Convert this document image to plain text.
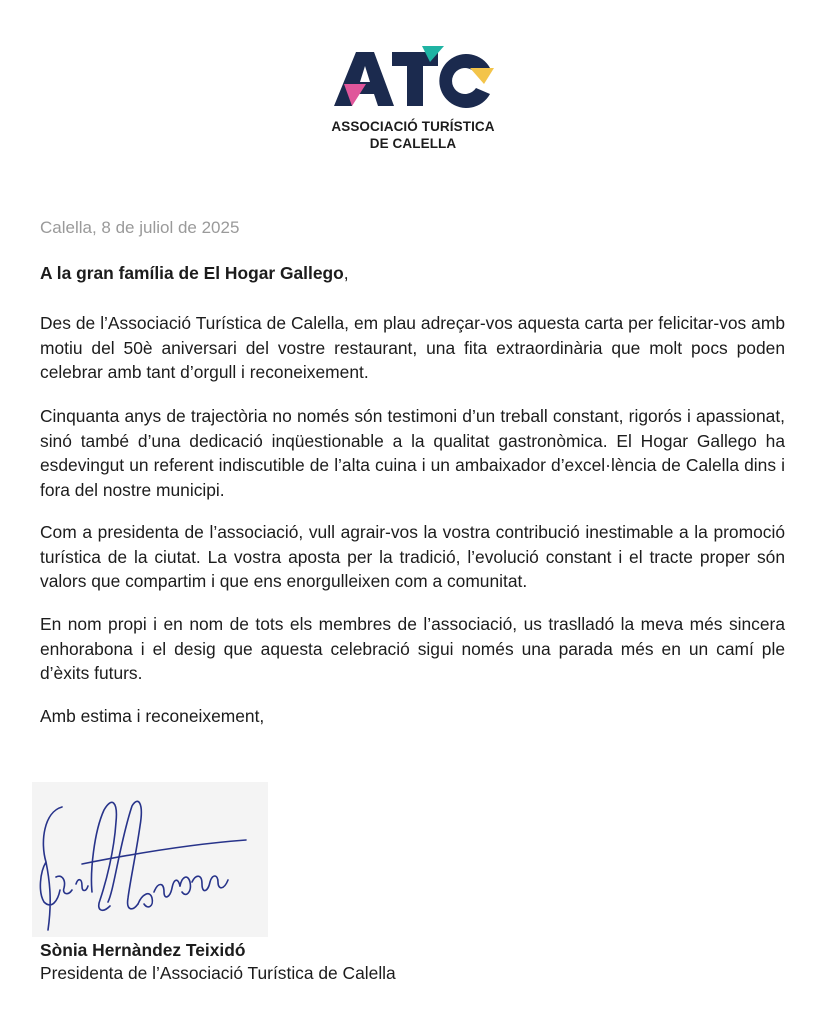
ASSOCIACIÓ TURÍSTICA
DE CALELLA
Calella, 8 de juliol de 2025
A la gran família de El Hogar Gallego,

Des de l’Associació Turística de Calella, em plau adreçar-vos aquesta carta per felicitar-vos amb motiu del 50è aniversari del vostre restaurant, una fita extraordinària que molt pocs poden celebrar amb tant d’orgull i reconeixement.

Cinquanta anys de trajectòria no només són testimoni d’un treball constant, rigorós i apassionat, sinó també d’una dedicació inqüestionable a la qualitat gastronòmica. El Hogar Gallego ha esdevingut un referent indiscutible de l’alta cuina i un ambaixador d’excel·lència de Calella dins i fora del nostre municipi.

Com a presidenta de l’associació, vull agrair-vos la vostra contribució inestimable a la promoció turística de la ciutat. La vostra aposta per la tradició, l’evolució constant i el tracte proper són valors que compartim i que ens enorgulleixen com a comunitat.

En nom propi i en nom de tots els membres de l’associació, us traslladó la meva més sincera enhorabona i el desig que aquesta celebració sigui només una parada més en un camí ple d’èxits futurs.

Amb estima i reconeixement,
Sònia Hernàndez Teixidó
Presidenta de l’Associació Turística de Calella
